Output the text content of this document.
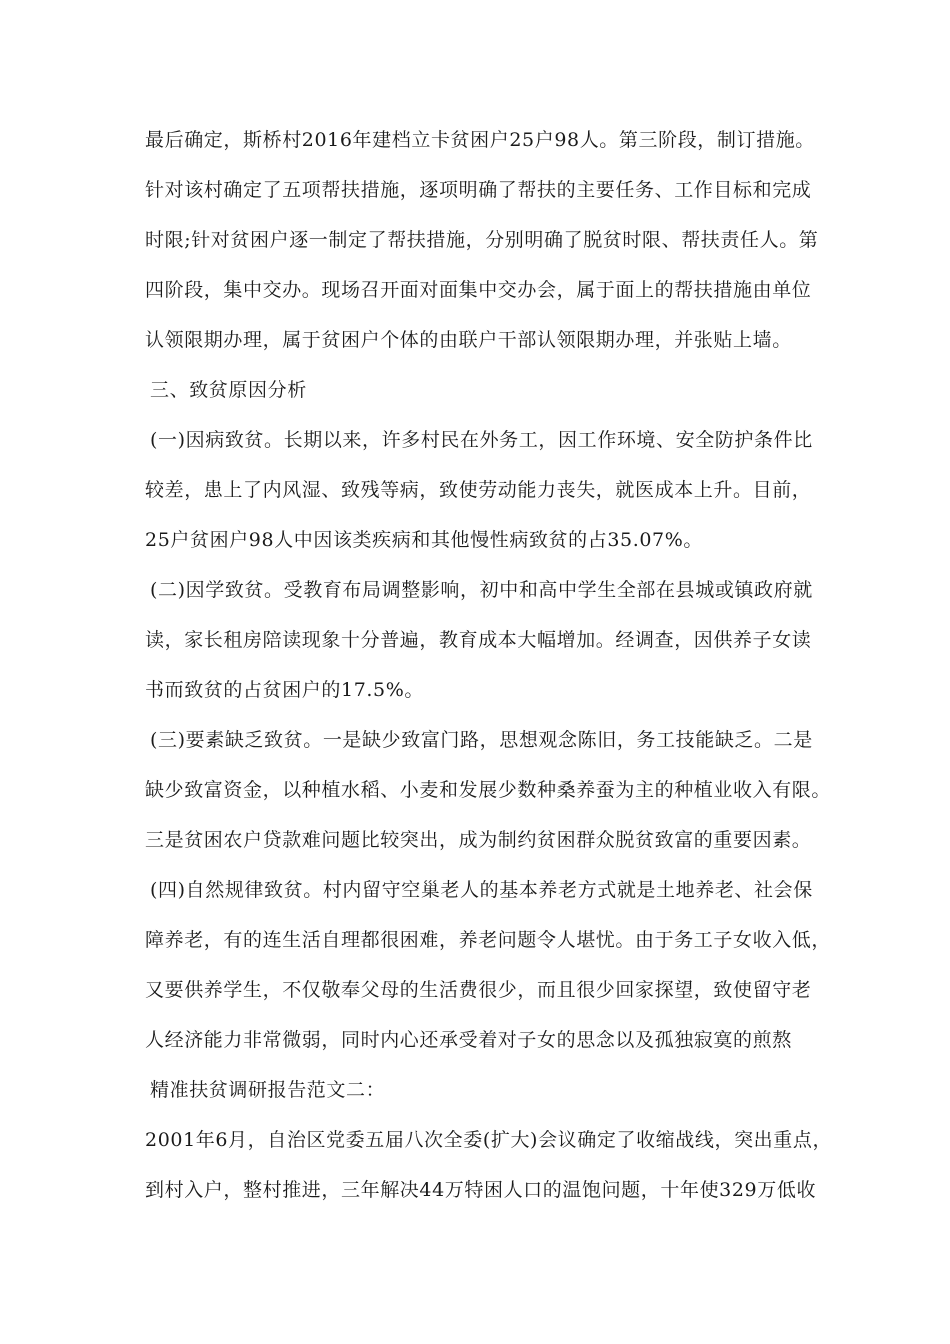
最后确定，斯桥村2016年建档立卡贫困户25户98人。第三阶段，制订措施。
针对该村确定了五项帮扶措施，逐项明确了帮扶的主要任务、工作目标和完成
时限;针对贫困户逐一制定了帮扶措施，分别明确了脱贫时限、帮扶责任人。第
四阶段，集中交办。现场召开面对面集中交办会，属于面上的帮扶措施由单位
认领限期办理，属于贫困户个体的由联户干部认领限期办理，并张贴上墙。
三、致贫原因分析
(一)因病致贫。长期以来，许多村民在外务工，因工作环境、安全防护条件比
较差，患上了内风湿、致残等病，致使劳动能力丧失，就医成本上升。目前，
25户贫困户98人中因该类疾病和其他慢性病致贫的占35.07%。
(二)因学致贫。受教育布局调整影响，初中和高中学生全部在县城或镇政府就
读，家长租房陪读现象十分普遍，教育成本大幅增加。经调查，因供养子女读
书而致贫的占贫困户的17.5%。
(三)要素缺乏致贫。一是缺少致富门路，思想观念陈旧，务工技能缺乏。二是
缺少致富资金，以种植水稻、小麦和发展少数种桑养蚕为主的种植业收入有限。
三是贫困农户贷款难问题比较突出，成为制约贫困群众脱贫致富的重要因素。
(四)自然规律致贫。村内留守空巢老人的基本养老方式就是土地养老、社会保
障养老，有的连生活自理都很困难，养老问题令人堪忧。由于务工子女收入低，
又要供养学生，不仅敬奉父母的生活费很少，而且很少回家探望，致使留守老
人经济能力非常微弱，同时内心还承受着对子女的思念以及孤独寂寞的煎熬
精准扶贫调研报告范文二：
2001年6月，自治区党委五届八次全委(扩大)会议确定了收缩战线，突出重点，
到村入户，整村推进，三年解决44万特困人口的温饱问题，十年使329万低收
